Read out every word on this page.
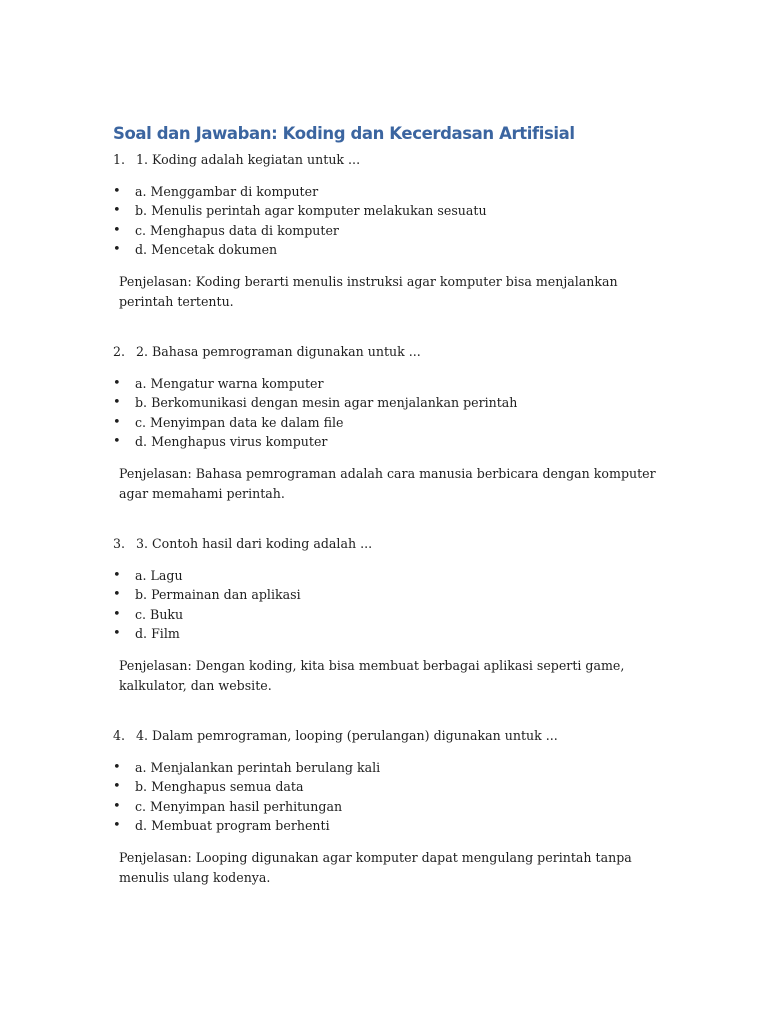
Soal dan Jawaban: Koding dan Kecerdasan Artifisial
1. 1. Koding adalah kegiatan untuk ...
• a. Menggambar di komputer
• b. Menulis perintah agar komputer melakukan sesuatu
• c. Menghapus data di komputer
• d. Mencetak dokumen

Penjelasan: Koding berarti menulis instruksi agar komputer bisa menjalankan perintah tertentu.

2. 2. Bahasa pemrograman digunakan untuk ...
• a. Mengatur warna komputer
• b. Berkomunikasi dengan mesin agar menjalankan perintah
• c. Menyimpan data ke dalam file
• d. Menghapus virus komputer

Penjelasan: Bahasa pemrograman adalah cara manusia berbicara dengan komputer agar memahami perintah.

3. 3. Contoh hasil dari koding adalah ...
• a. Lagu
• b. Permainan dan aplikasi
• c. Buku
• d. Film

Penjelasan: Dengan koding, kita bisa membuat berbagai aplikasi seperti game, kalkulator, dan website.

4. 4. Dalam pemrograman, looping (perulangan) digunakan untuk ...
• a. Menjalankan perintah berulang kali
• b. Menghapus semua data
• c. Menyimpan hasil perhitungan
• d. Membuat program berhenti

Penjelasan: Looping digunakan agar komputer dapat mengulang perintah tanpa menulis ulang kodenya.
